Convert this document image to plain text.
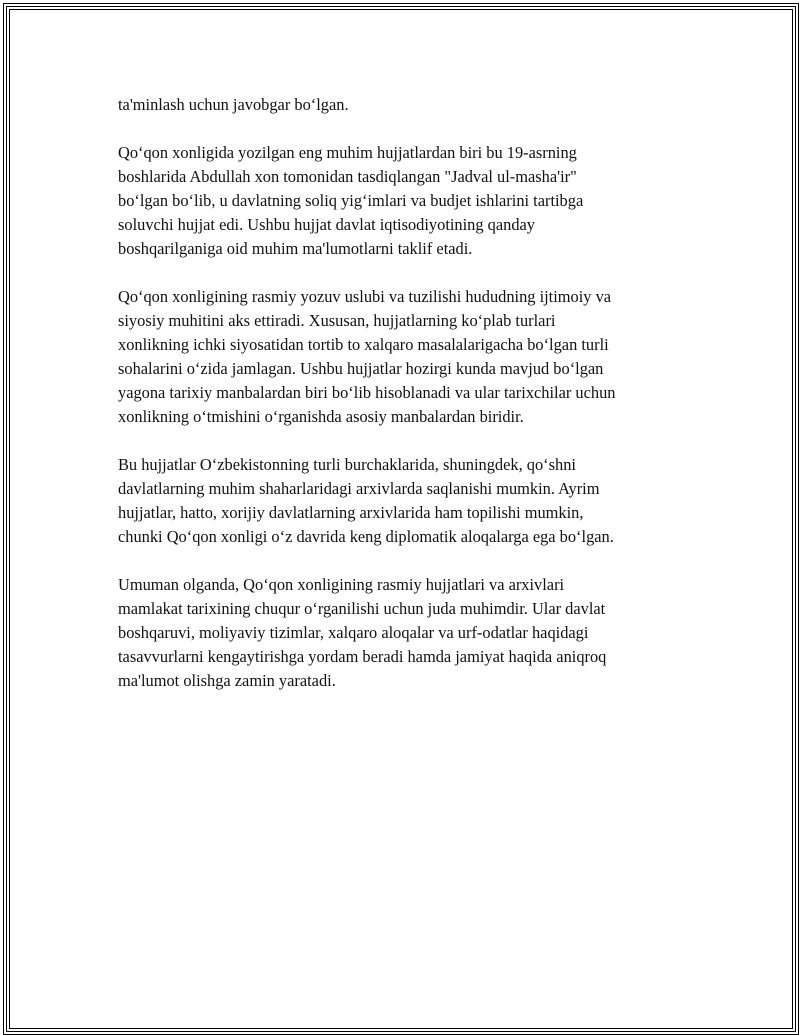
ta'minlash uchun javobgar bo‘lgan.

Qo‘qon xonligida yozilgan eng muhim hujjatlardan biri bu 19-asrning
boshlarida Abdullah xon tomonidan tasdiqlangan "Jadval ul-masha'ir"
bo‘lgan bo‘lib, u davlatning soliq yig‘imlari va budjet ishlarini tartibga
soluvchi hujjat edi. Ushbu hujjat davlat iqtisodiyotining qanday
boshqarilganiga oid muhim ma'lumotlarni taklif etadi.

Qo‘qon xonligining rasmiy yozuv uslubi va tuzilishi hududning ijtimoiy va
siyosiy muhitini aks ettiradi. Xususan, hujjatlarning ko‘plab turlari
xonlikning ichki siyosatidan tortib to xalqaro masalalarigacha bo‘lgan turli
sohalarini o‘zida jamlagan. Ushbu hujjatlar hozirgi kunda mavjud bo‘lgan
yagona tarixiy manbalardan biri bo‘lib hisoblanadi va ular tarixchilar uchun
xonlikning o‘tmishini o‘rganishda asosiy manbalardan biridir.

Bu hujjatlar O‘zbekistonning turli burchaklarida, shuningdek, qo‘shni
davlatlarning muhim shaharlaridagi arxivlarda saqlanishi mumkin. Ayrim
hujjatlar, hatto, xorijiy davlatlarning arxivlarida ham topilishi mumkin,
chunki Qo‘qon xonligi o‘z davrida keng diplomatik aloqalarga ega bo‘lgan.

Umuman olganda, Qo‘qon xonligining rasmiy hujjatlari va arxivlari
mamlakat tarixining chuqur o‘rganilishi uchun juda muhimdir. Ular davlat
boshqaruvi, moliyaviy tizimlar, xalqaro aloqalar va urf-odatlar haqidagi
tasavvurlarni kengaytirishga yordam beradi hamda jamiyat haqida aniqroq
ma'lumot olishga zamin yaratadi.
